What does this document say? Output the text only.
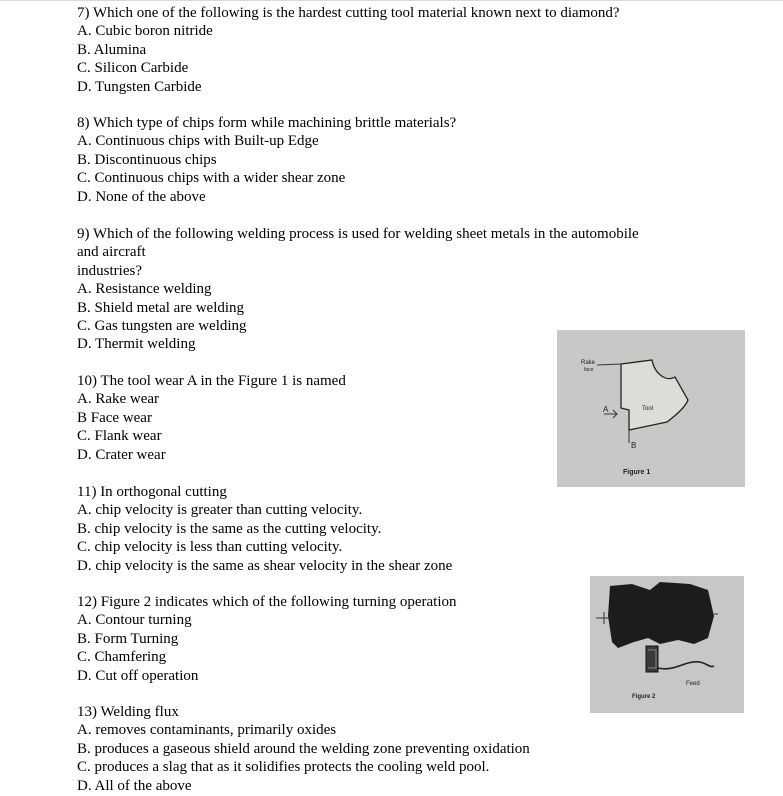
7) Which one of the following is the hardest cutting tool material known next to diamond?
A. Cubic boron nitride
B. Alumina
C. Silicon Carbide
D. Tungsten Carbide
8) Which type of chips form while machining brittle materials?
A. Continuous chips with Built-up Edge
B. Discontinuous chips
C. Continuous chips with a wider shear zone
D. None of the above
9) Which of the following welding process is used for welding sheet metals in the automobile
and aircraft
industries?
A. Resistance welding
B. Shield metal are welding
C. Gas tungsten are welding
D. Thermit welding
10) The tool wear A in the Figure 1 is named
A. Rake wear
B Face wear
C. Flank wear
D. Crater wear
11) In orthogonal cutting
A. chip velocity is greater than cutting velocity.
B. chip velocity is the same as the cutting velocity.
C. chip velocity is less than cutting velocity.
D. chip velocity is the same as shear velocity in the shear zone
12) Figure 2 indicates which of the following turning operation
A. Contour turning
B. Form Turning
C. Chamfering
D. Cut off operation
13) Welding flux
A. removes contaminants, primarily oxides
B. produces a gaseous shield around the welding zone preventing oxidation
C. produces a slag that as it solidifies protects the cooling weld pool.
D. All of the above
Rake
face
Tool
A
B
Figure 1
Feed
Figure 2
